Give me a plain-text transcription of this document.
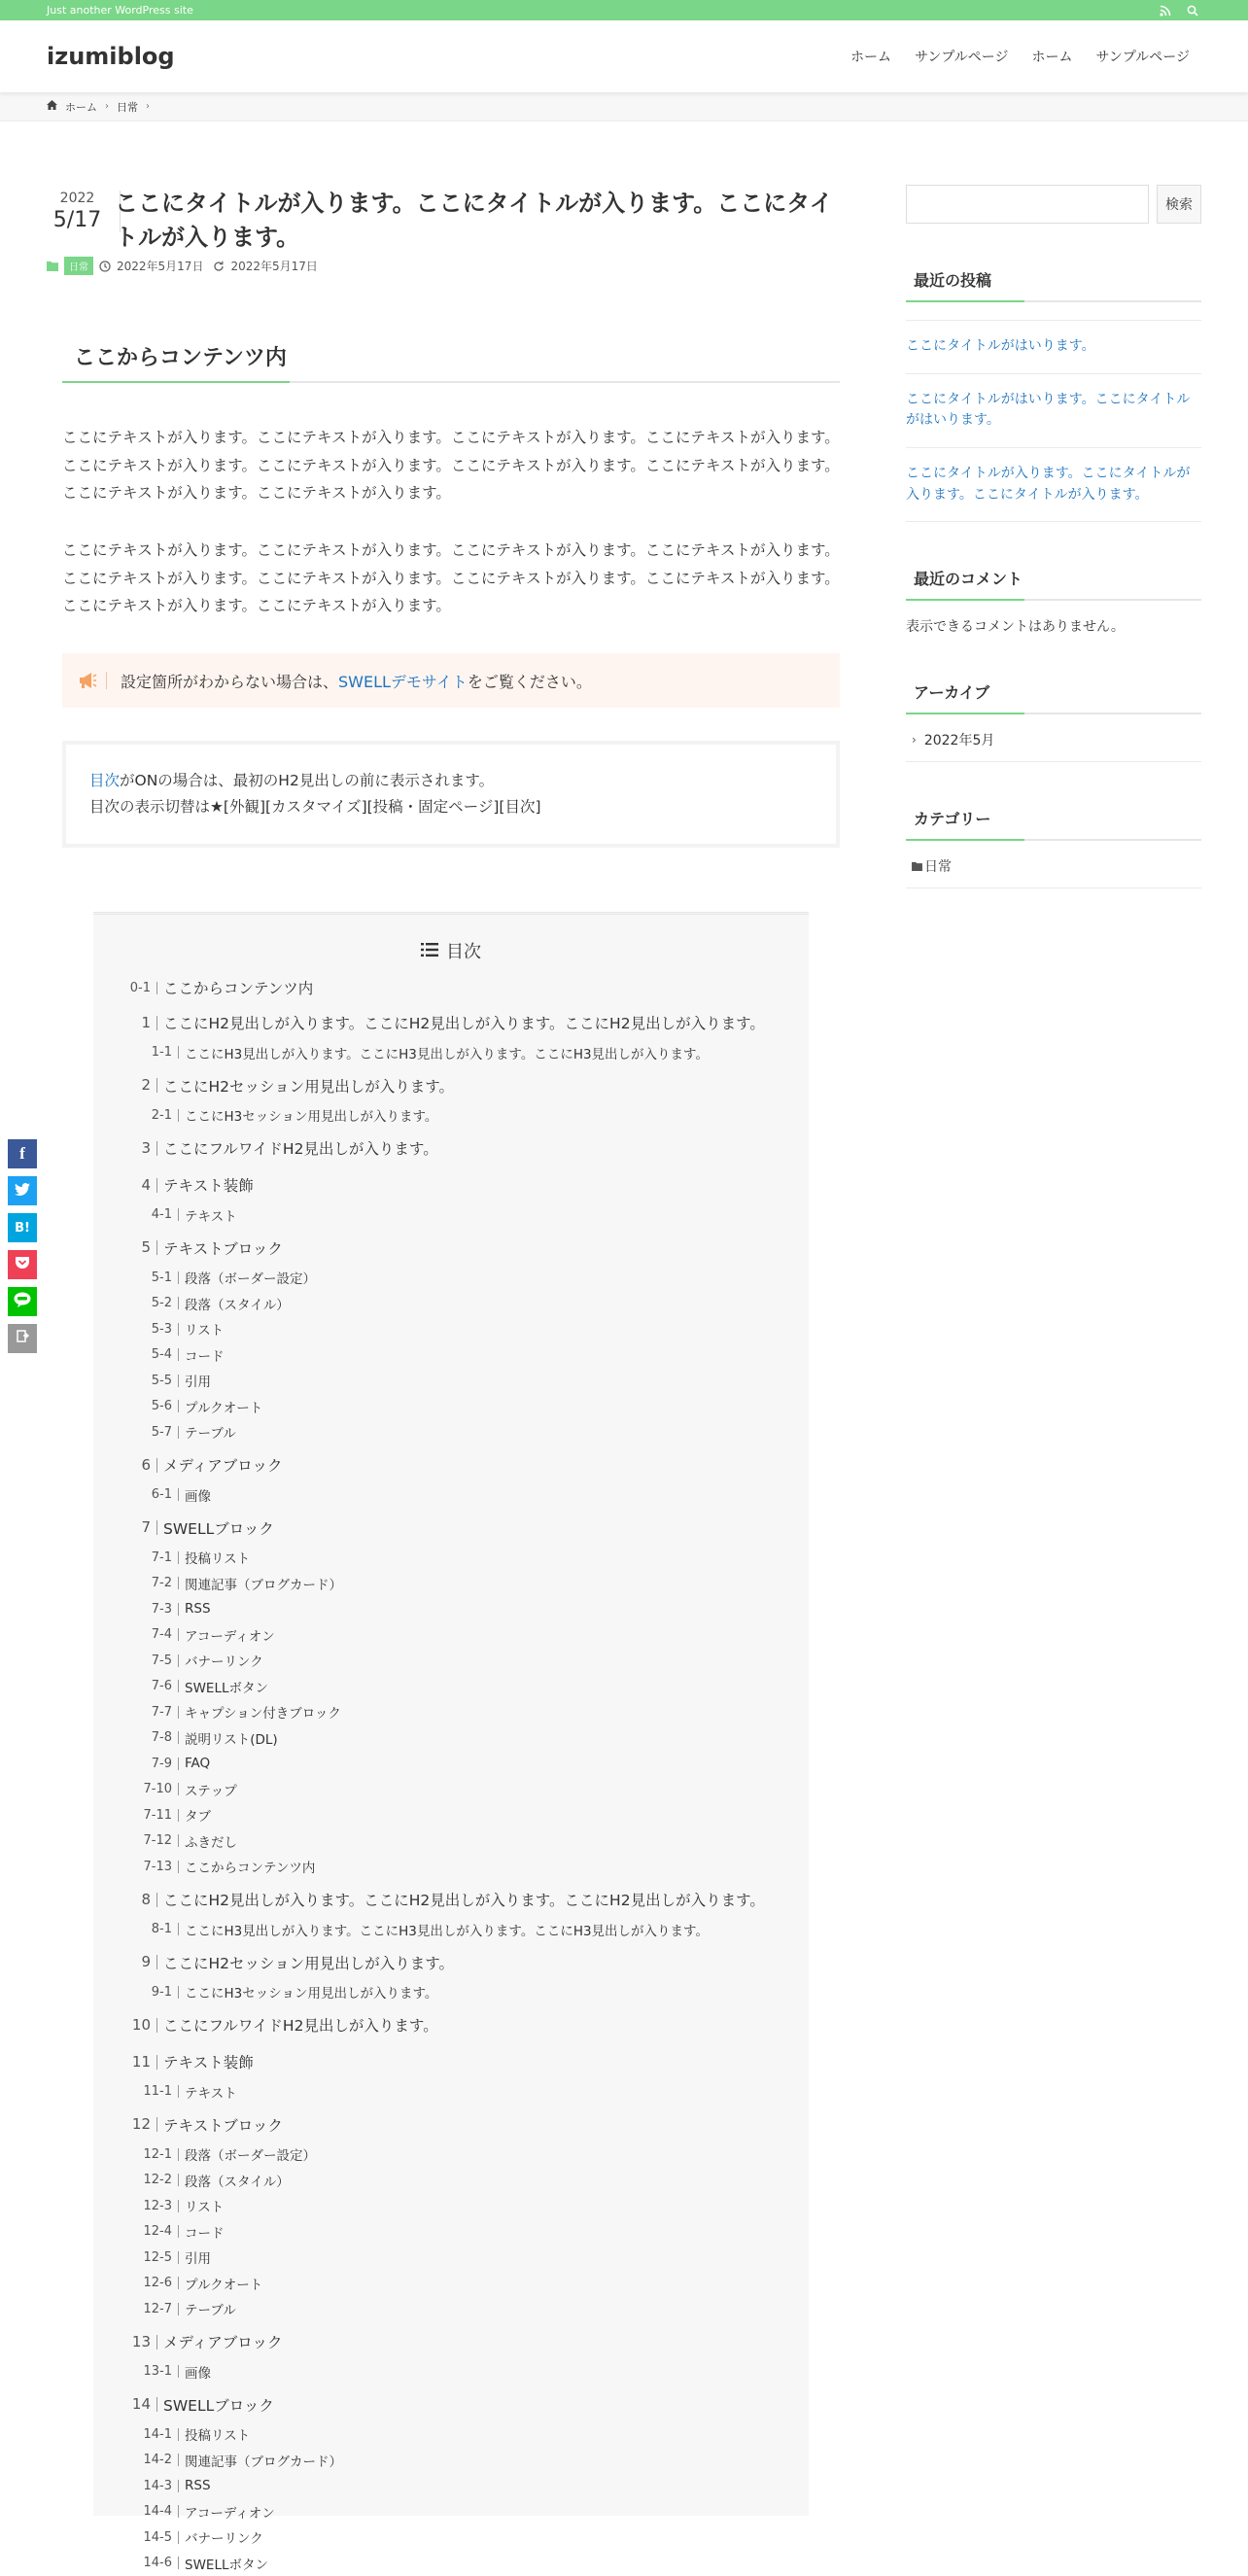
Just another WordPress site
izumiblog	ホーム	サンプルページ	ホーム	サンプルページ
ホーム › 日常 ›
2022
5/17
ここにタイトルが入ります。ここにタイトルが入ります。ここにタイトルが入ります。
日常	2022年5月17日 2022年5月17日
ここからコンテンツ内

ここにテキストが入ります。ここにテキストが入ります。ここにテキストが入ります。ここにテキストが入ります。ここにテキストが入ります。ここにテキストが入ります。ここにテキストが入ります。ここにテキストが入ります。ここにテキストが入ります。ここにテキストが入ります。

ここにテキストが入ります。ここにテキストが入ります。ここにテキストが入ります。ここにテキストが入ります。ここにテキストが入ります。ここにテキストが入ります。ここにテキストが入ります。ここにテキストが入ります。ここにテキストが入ります。ここにテキストが入ります。

設定箇所がわからない場合は、SWELLデモサイトをご覧ください。
目次がONの場合は、最初のH2見出しの前に表示されます。
目次の表示切替は★[外観][カスタマイズ][投稿・固定ページ][目次]
目次
0-1 ここからコンテンツ内
1 ここにH2見出しが入ります。ここにH2見出しが入ります。ここにH2見出しが入ります。
1-1 ここにH3見出しが入ります。ここにH3見出しが入ります。ここにH3見出しが入ります。
2 ここにH2セッション用見出しが入ります。
2-1 ここにH3セッション用見出しが入ります。
3 ここにフルワイドH2見出しが入ります。
4 テキスト装飾
4-1 テキスト
5 テキストブロック
5-1 段落（ボーダー設定）
5-2 段落（スタイル）
5-3 リスト
5-4 コード
5-5 引用
5-6 プルクオート
5-7 テーブル
6 メディアブロック
6-1 画像
7 SWELLブロック
7-1 投稿リスト
7-2 関連記事（ブログカード）
7-3 RSS
7-4 アコーディオン
7-5 バナーリンク
7-6 SWELLボタン
7-7 キャプション付きブロック
7-8 説明リスト(DL)
7-9 FAQ
7-10 ステップ
7-11 タブ
7-12 ふきだし
7-13 ここからコンテンツ内
8 ここにH2見出しが入ります。ここにH2見出しが入ります。ここにH2見出しが入ります。
8-1 ここにH3見出しが入ります。ここにH3見出しが入ります。ここにH3見出しが入ります。
9 ここにH2セッション用見出しが入ります。
9-1 ここにH3セッション用見出しが入ります。
10 ここにフルワイドH2見出しが入ります。
11 テキスト装飾
11-1 テキスト
12 テキストブロック
12-1 段落（ボーダー設定）
12-2 段落（スタイル）
12-3 リスト
12-4 コード
12-5 引用
12-6 プルクオート
12-7 テーブル
13 メディアブロック
13-1 画像
14 SWELLブロック
14-1 投稿リスト
14-2 関連記事（ブログカード）
14-3 RSS
14-4 アコーディオン
14-5 バナーリンク
14-6 SWELLボタン
検索
最近の投稿
ここにタイトルがはいります。
ここにタイトルがはいります。ここにタイトルがはいります。
ここにタイトルが入ります。ここにタイトルが入ります。ここにタイトルが入ります。
最近のコメント
表示できるコメントはありません。
アーカイブ
› 2022年5月
カテゴリー
日常
f
B!
